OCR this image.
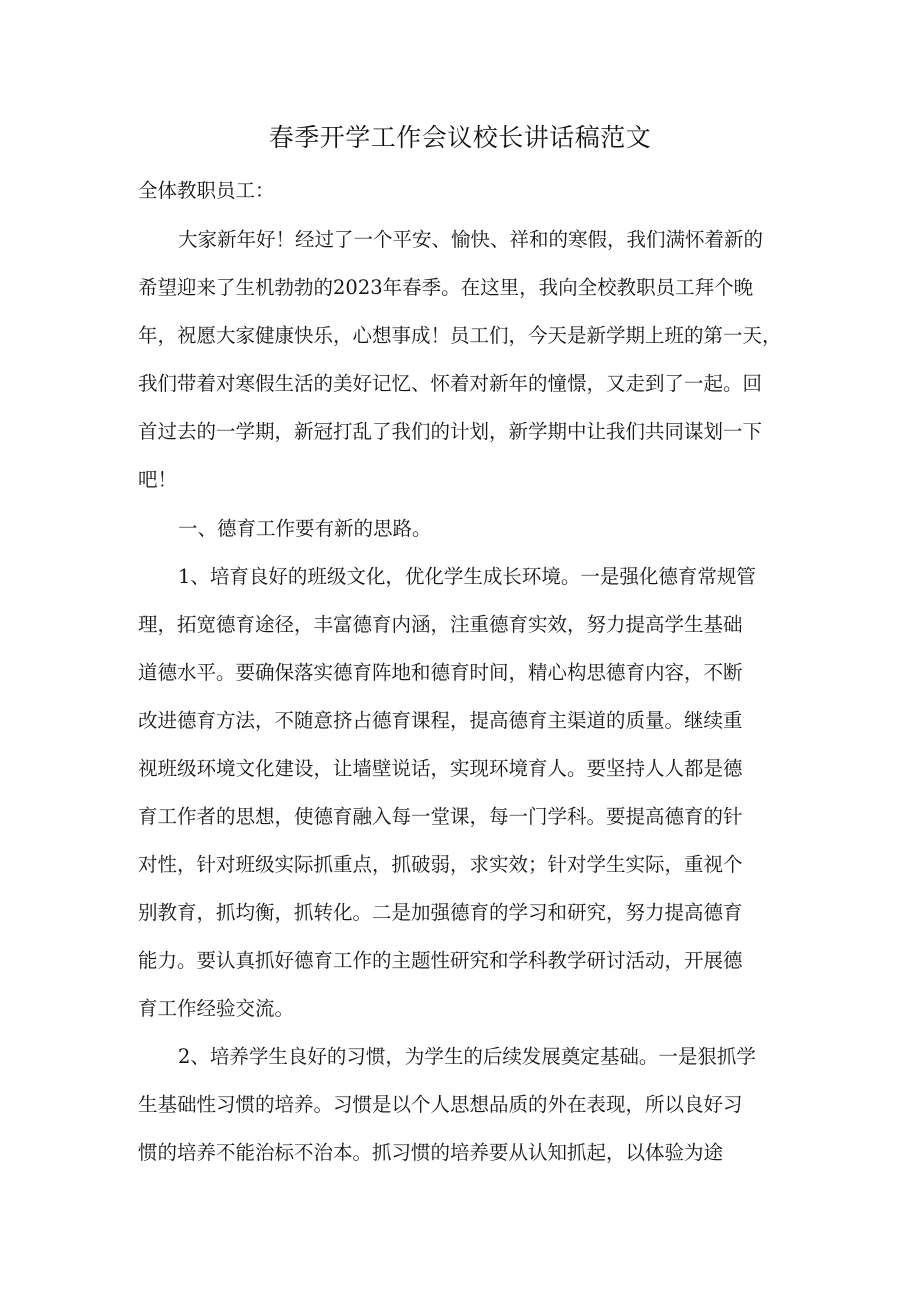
春季开学工作会议校长讲话稿范文
全体教职员工：
大家新年好！经过了一个平安、愉快、祥和的寒假，我们满怀着新的
希望迎来了生机勃勃的2023年春季。在这里，我向全校教职员工拜个晚
年，祝愿大家健康快乐，心想事成！员工们，今天是新学期上班的第一天，
我们带着对寒假生活的美好记忆、怀着对新年的憧憬，又走到了一起。回
首过去的一学期，新冠打乱了我们的计划，新学期中让我们共同谋划一下
吧！
一、德育工作要有新的思路。
1、培育良好的班级文化，优化学生成长环境。一是强化德育常规管
理，拓宽德育途径，丰富德育内涵，注重德育实效，努力提高学生基础
道德水平。要确保落实德育阵地和德育时间，精心构思德育内容，不断
改进德育方法，不随意挤占德育课程，提高德育主渠道的质量。继续重
视班级环境文化建设，让墙壁说话，实现环境育人。要坚持人人都是德
育工作者的思想，使德育融入每一堂课，每一门学科。要提高德育的针
对性，针对班级实际抓重点，抓破弱，求实效；针对学生实际，重视个
别教育，抓均衡，抓转化。二是加强德育的学习和研究，努力提高德育
能力。要认真抓好德育工作的主题性研究和学科教学研讨活动，开展德
育工作经验交流。
2、培养学生良好的习惯，为学生的后续发展奠定基础。一是狠抓学
生基础性习惯的培养。习惯是以个人思想品质的外在表现，所以良好习
惯的培养不能治标不治本。抓习惯的培养要从认知抓起，以体验为途
